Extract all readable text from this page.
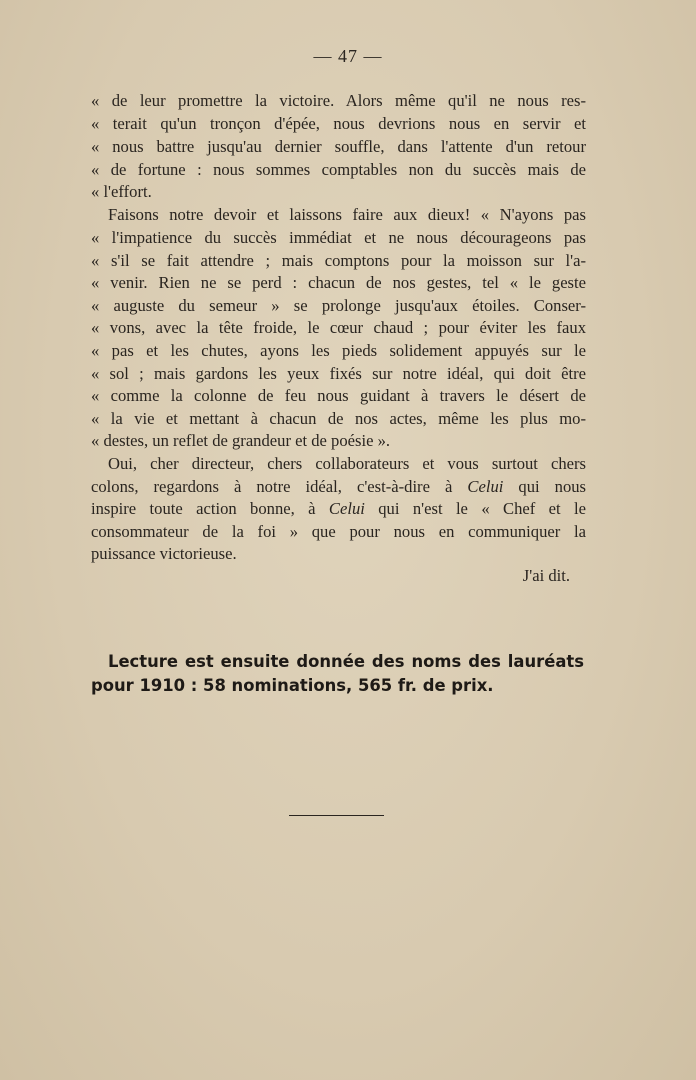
— 47 —
« de leur promettre la victoire. Alors même qu'il ne nous res-
« terait qu'un tronçon d'épée, nous devrions nous en servir et
« nous battre jusqu'au dernier souffle, dans l'attente d'un retour
« de fortune : nous sommes comptables non du succès mais de
« l'effort.
Faisons notre devoir et laissons faire aux dieux! « N'ayons pas
« l'impatience du succès immédiat et ne nous décourageons pas
« s'il se fait attendre ; mais comptons pour la moisson sur l'a-
« venir. Rien ne se perd : chacun de nos gestes, tel « le geste
« auguste du semeur » se prolonge jusqu'aux étoiles. Conser-
« vons, avec la tête froide, le cœur chaud ; pour éviter les faux
« pas et les chutes, ayons les pieds solidement appuyés sur le
« sol ; mais gardons les yeux fixés sur notre idéal, qui doit être
« comme la colonne de feu nous guidant à travers le désert de
« la vie et mettant à chacun de nos actes, même les plus mo-
« destes, un reflet de grandeur et de poésie ».
Oui, cher directeur, chers collaborateurs et vous surtout chers
colons, regardons à notre idéal, c'est-à-dire à Celui qui nous
inspire toute action bonne, à Celui qui n'est le « Chef et le
consommateur de la foi » que pour nous en communiquer la
puissance victorieuse.
J'ai dit.
Lecture est ensuite donnée des noms des lauréats
pour 1910 : 58 nominations, 565 fr. de prix.
